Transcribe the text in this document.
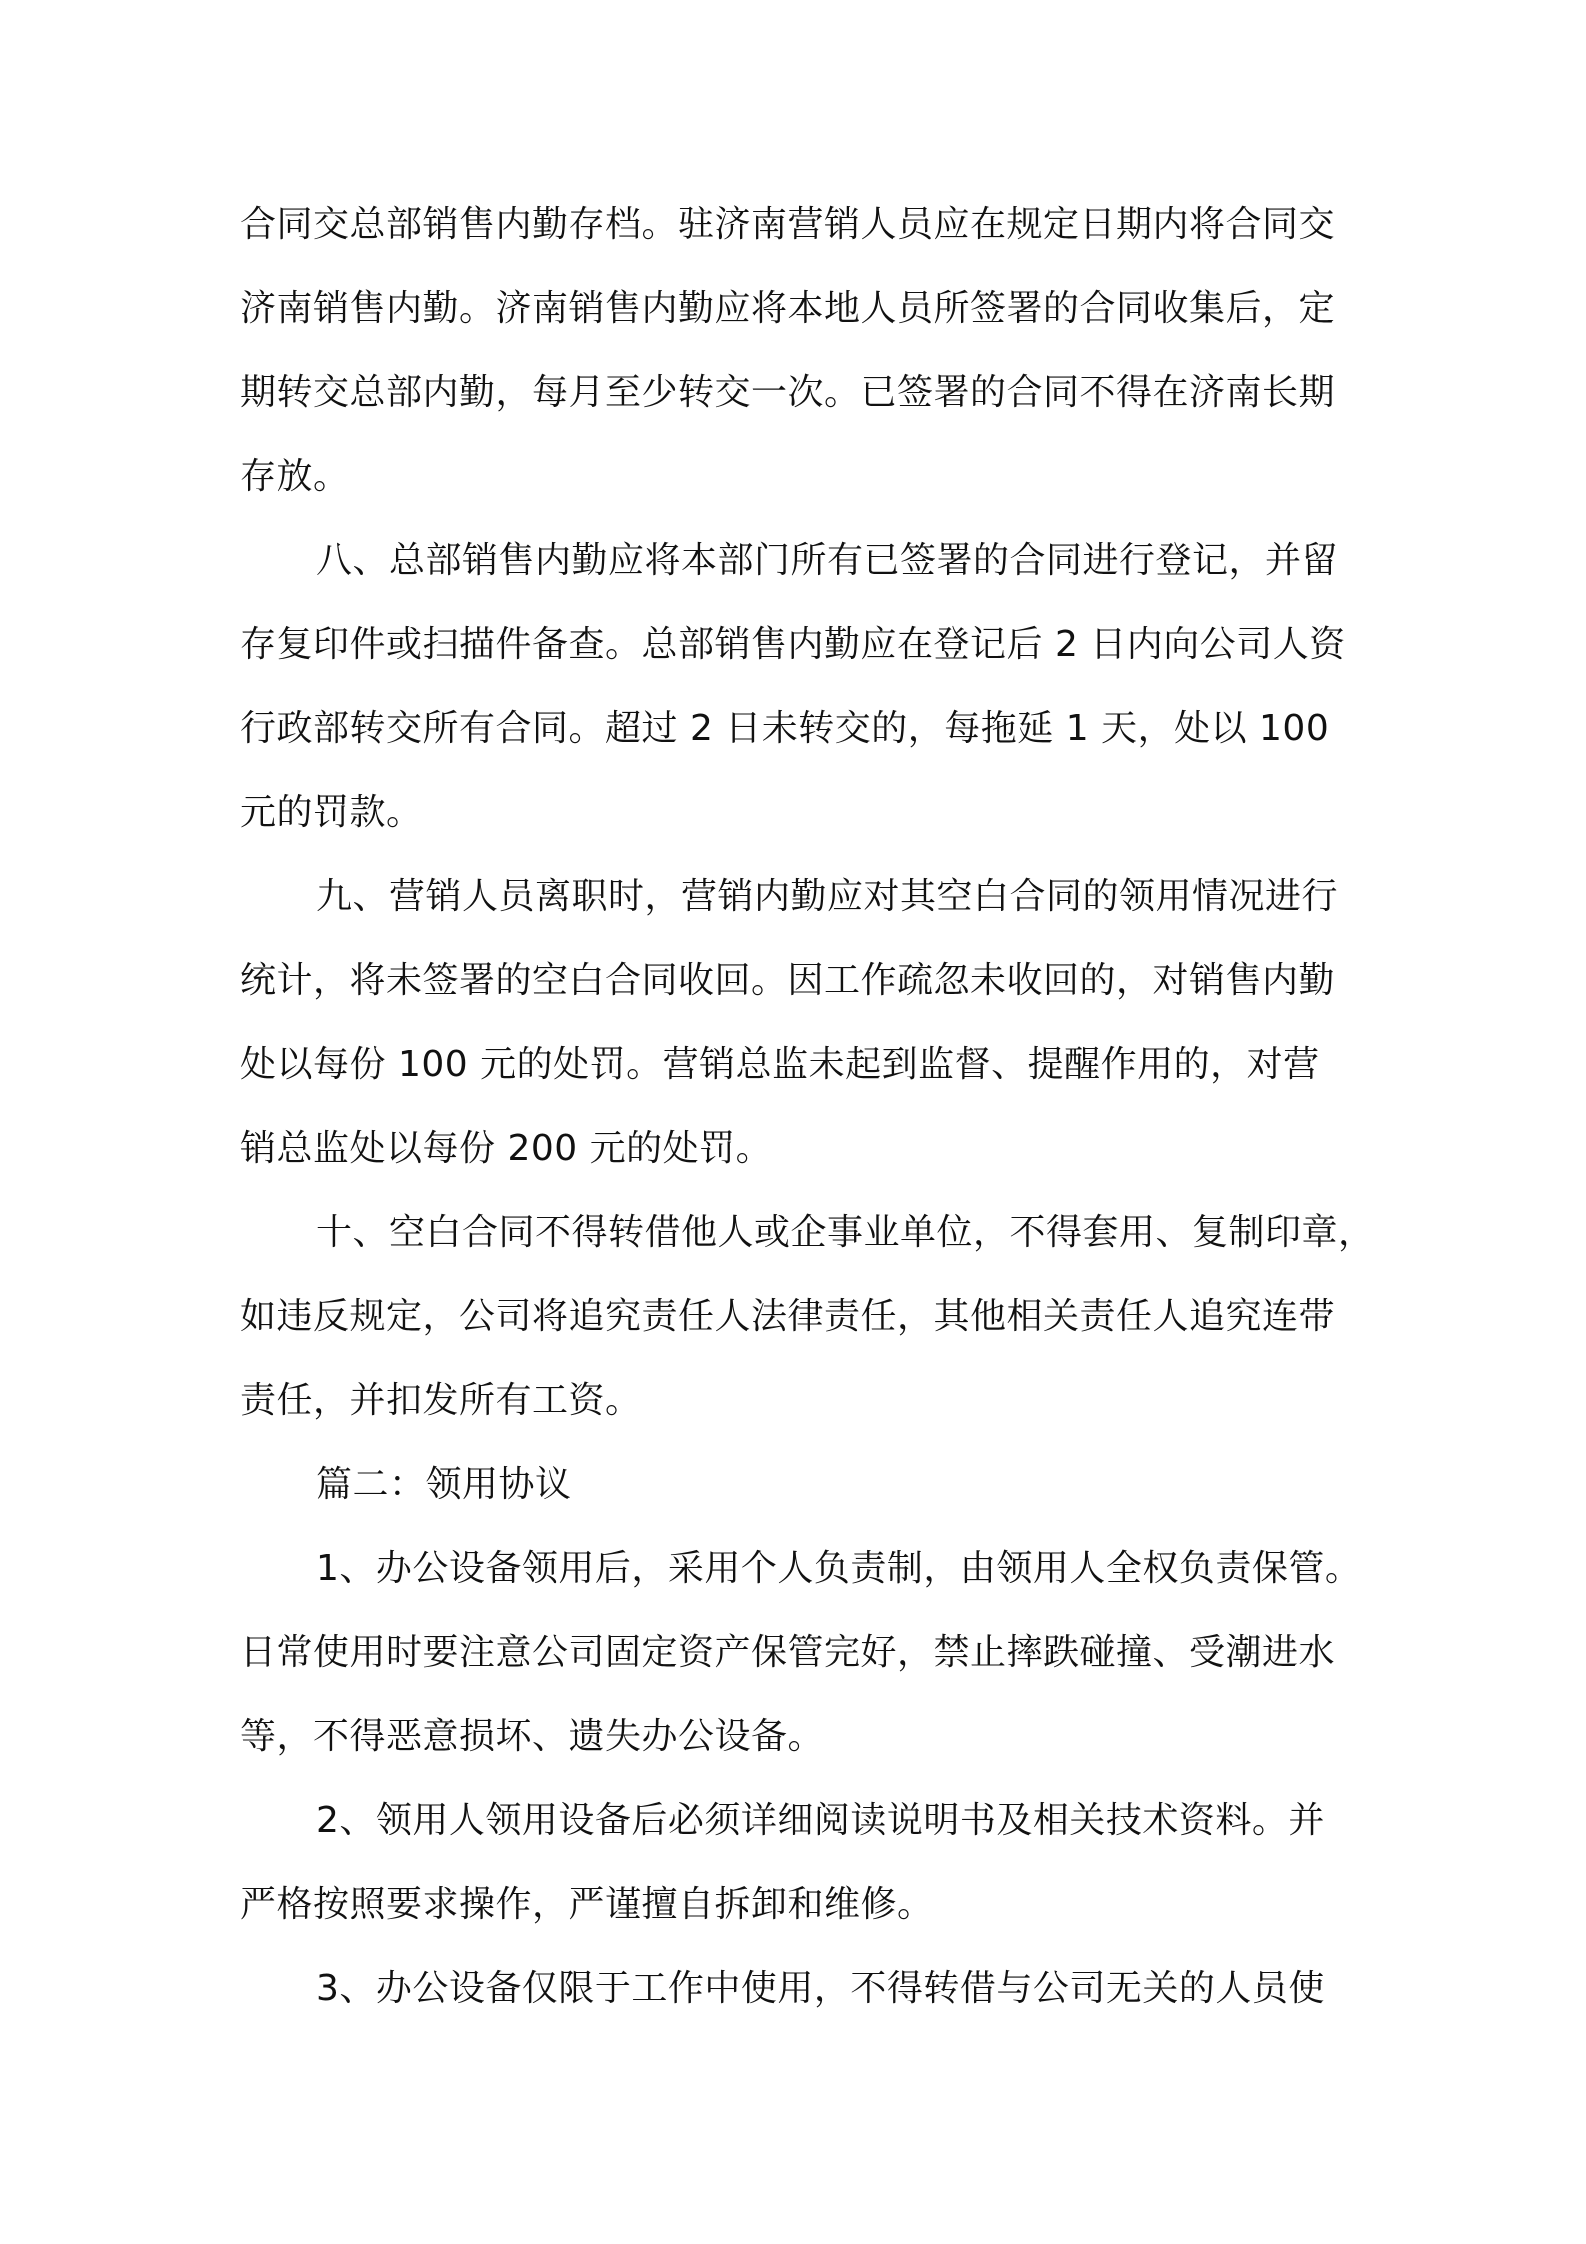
合同交总部销售内勤存档。驻济南营销人员应在规定日期内将合同交
济南销售内勤。济南销售内勤应将本地人员所签署的合同收集后，定
期转交总部内勤，每月至少转交一次。已签署的合同不得在济南长期
存放。
八、总部销售内勤应将本部门所有已签署的合同进行登记，并留
存复印件或扫描件备查。总部销售内勤应在登记后 2 日内向公司人资
行政部转交所有合同。超过 2 日未转交的，每拖延 1 天，处以 100
元的罚款。
九、营销人员离职时，营销内勤应对其空白合同的领用情况进行
统计，将未签署的空白合同收回。因工作疏忽未收回的，对销售内勤
处以每份 100 元的处罚。营销总监未起到监督、提醒作用的，对营
销总监处以每份 200 元的处罚。
十、空白合同不得转借他人或企事业单位，不得套用、复制印章，
如违反规定，公司将追究责任人法律责任，其他相关责任人追究连带
责任，并扣发所有工资。
篇二：领用协议
1、办公设备领用后，采用个人负责制，由领用人全权负责保管。
日常使用时要注意公司固定资产保管完好，禁止摔跌碰撞、受潮进水
等，不得恶意损坏、遗失办公设备。
2、领用人领用设备后必须详细阅读说明书及相关技术资料。并
严格按照要求操作，严谨擅自拆卸和维修。
3、办公设备仅限于工作中使用，不得转借与公司无关的人员使
